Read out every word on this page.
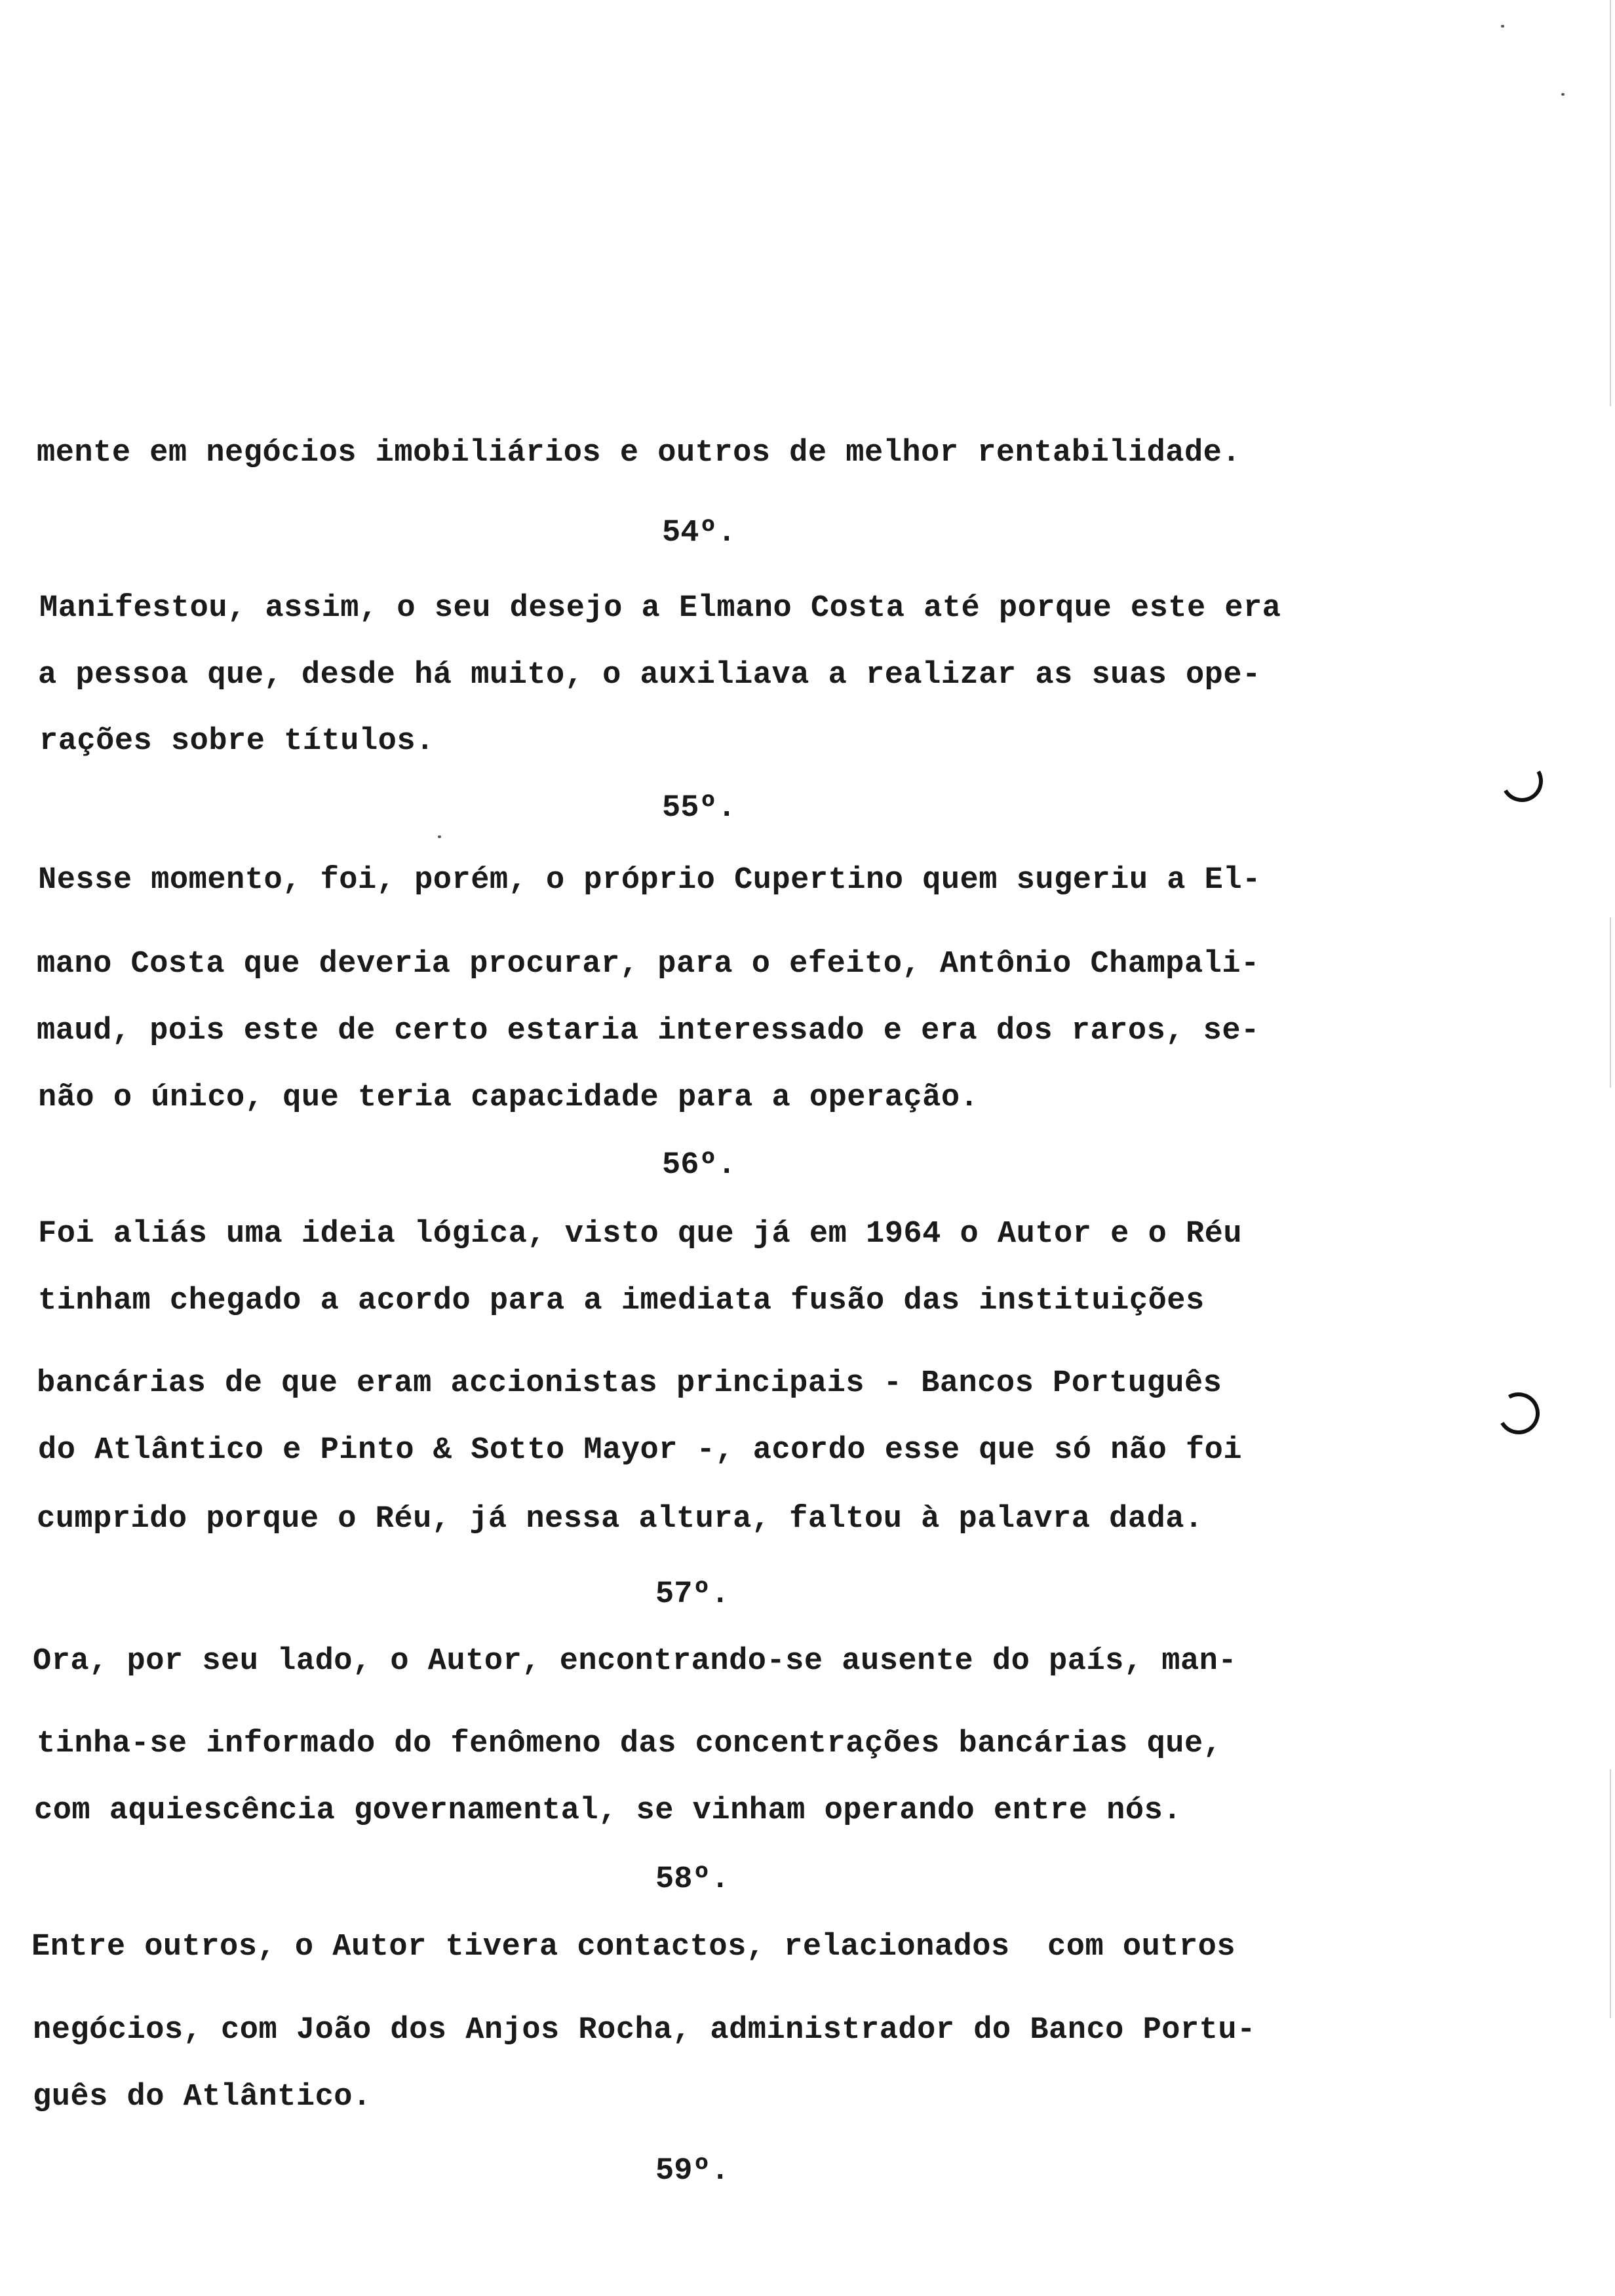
mente em negócios imobiliários e outros de melhor rentabilidade.
54º.
Manifestou, assim, o seu desejo a Elmano Costa até porque este era
a pessoa que, desde há muito, o auxiliava a realizar as suas ope-
rações sobre títulos.
55º.
Nesse momento, foi, porém, o próprio Cupertino quem sugeriu a El-
mano Costa que deveria procurar, para o efeito, Antônio Champali-
maud, pois este de certo estaria interessado e era dos raros, se-
não o único, que teria capacidade para a operação.
56º.
Foi aliás uma ideia lógica, visto que já em 1964 o Autor e o Réu
tinham chegado a acordo para a imediata fusão das instituições
bancárias de que eram accionistas principais - Bancos Português
do Atlântico e Pinto & Sotto Mayor -, acordo esse que só não foi
cumprido porque o Réu, já nessa altura, faltou à palavra dada.
57º.
Ora, por seu lado, o Autor, encontrando-se ausente do país, man-
tinha-se informado do fenômeno das concentrações bancárias que,
com aquiescência governamental, se vinham operando entre nós.
58º.
Entre outros, o Autor tivera contactos, relacionados  com outros
negócios, com João dos Anjos Rocha, administrador do Banco Portu-
guês do Atlântico.
59º.
